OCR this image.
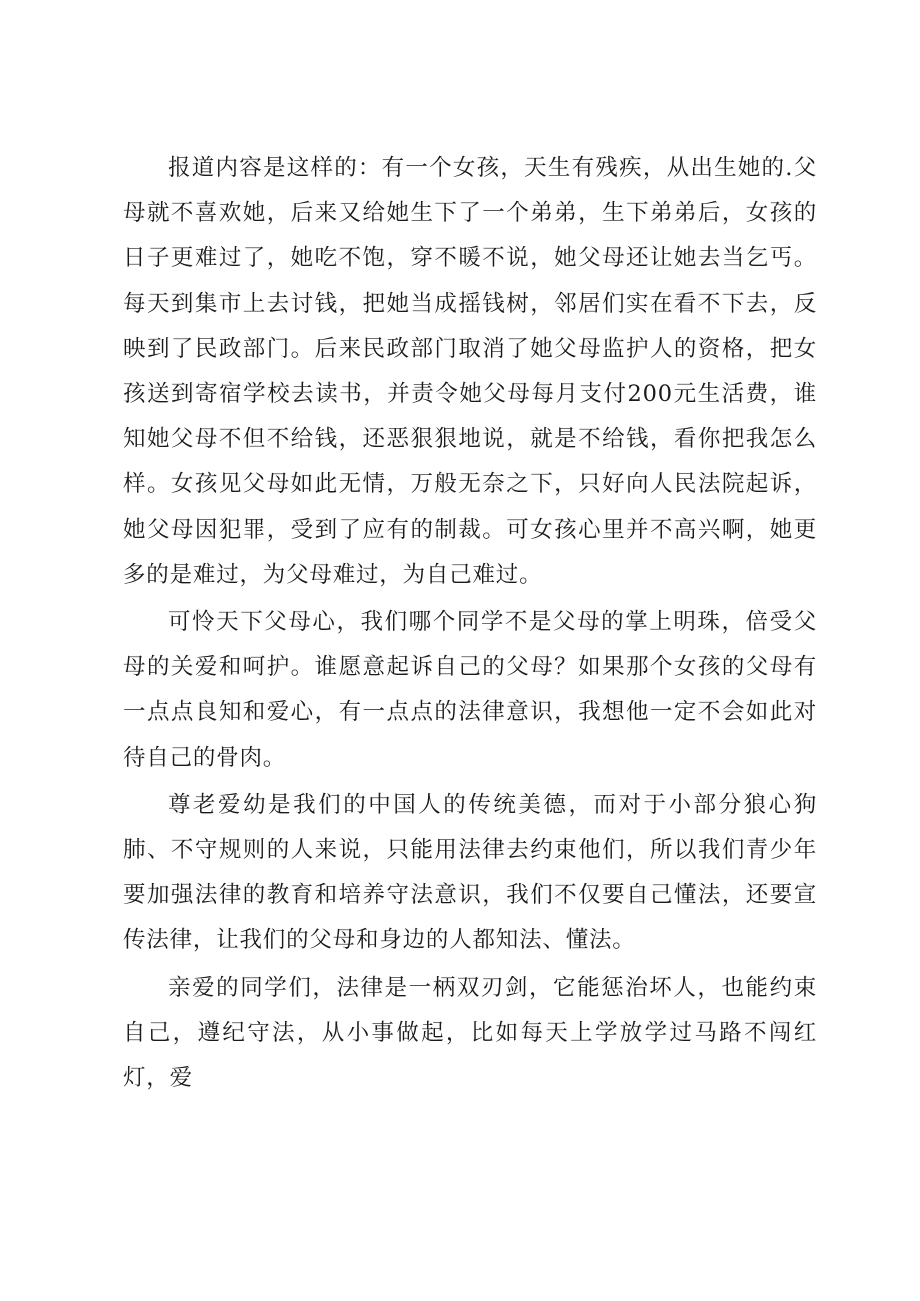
报道内容是这样的：有一个女孩，天生有残疾，从出生她的.父母就不喜欢她，后来又给她生下了一个弟弟，生下弟弟后，女孩的日子更难过了，她吃不饱，穿不暖不说，她父母还让她去当乞丐。每天到集市上去讨钱，把她当成摇钱树，邻居们实在看不下去，反映到了民政部门。后来民政部门取消了她父母监护人的资格，把女孩送到寄宿学校去读书，并责令她父母每月支付200元生活费，谁知她父母不但不给钱，还恶狠狠地说，就是不给钱，看你把我怎么样。女孩见父母如此无情，万般无奈之下，只好向人民法院起诉，她父母因犯罪，受到了应有的制裁。可女孩心里并不高兴啊，她更多的是难过，为父母难过，为自己难过。

可怜天下父母心，我们哪个同学不是父母的掌上明珠，倍受父母的关爱和呵护。谁愿意起诉自己的父母？如果那个女孩的父母有一点点良知和爱心，有一点点的法律意识，我想他一定不会如此对待自己的骨肉。

尊老爱幼是我们的中国人的传统美德，而对于小部分狼心狗肺、不守规则的人来说，只能用法律去约束他们，所以我们青少年要加强法律的教育和培养守法意识，我们不仅要自己懂法，还要宣传法律，让我们的父母和身边的人都知法、懂法。

亲爱的同学们，法律是一柄双刃剑，它能惩治坏人，也能约束自己，遵纪守法，从小事做起，比如每天上学放学过马路不闯红灯，爱
